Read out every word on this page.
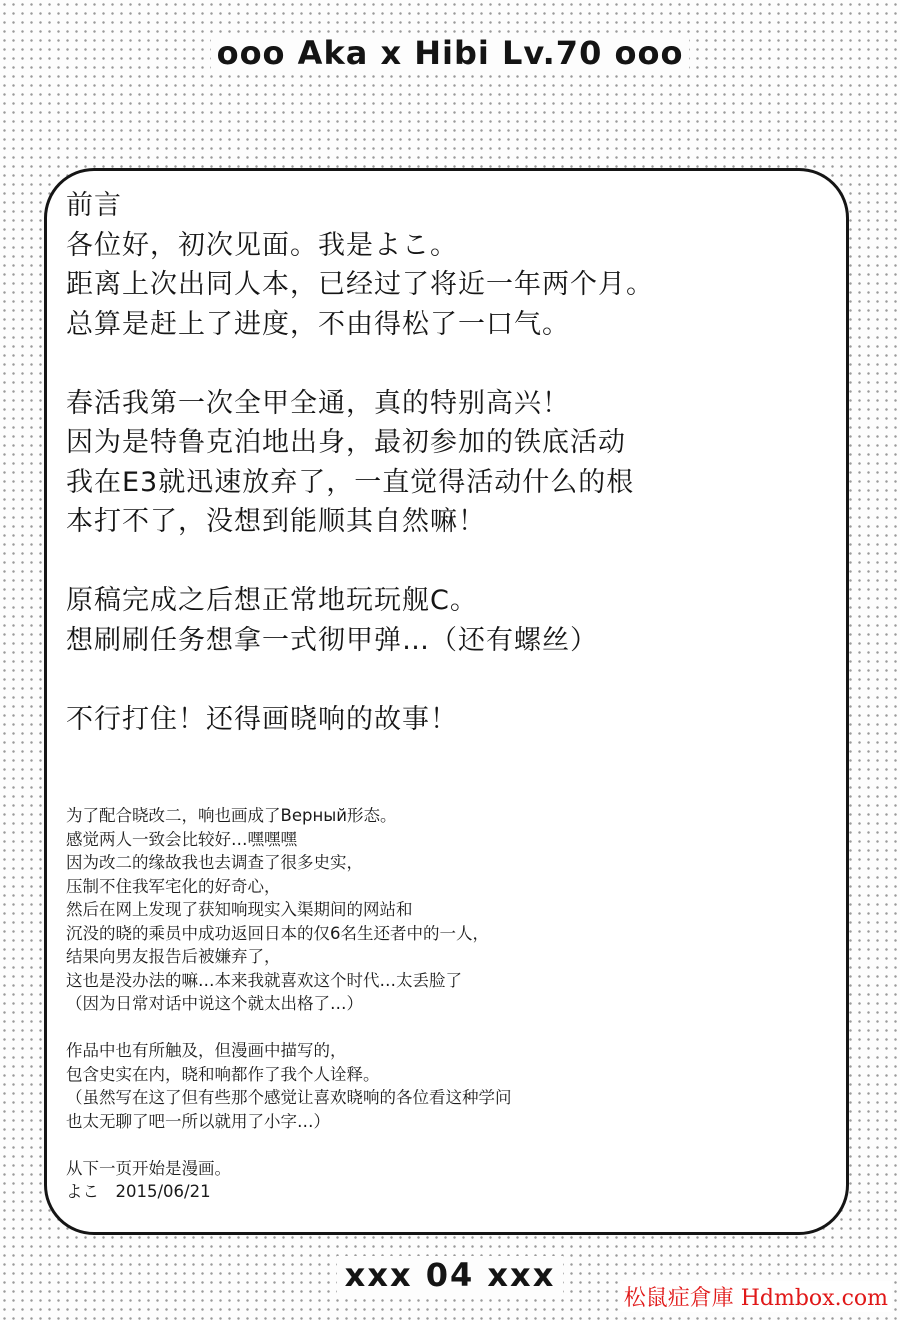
ooo Aka x Hibi Lv.70 ooo
前言
各位好，初次见面。我是よこ。
距离上次出同人本，已经过了将近一年两个月。
总算是赶上了进度，不由得松了一口气。
春活我第一次全甲全通，真的特别高兴！
因为是特鲁克泊地出身，最初参加的铁底活动
我在E3就迅速放弃了，一直觉得活动什么的根
本打不了，没想到能顺其自然嘛！
原稿完成之后想正常地玩玩舰C。
想刷刷任务想拿一式彻甲弹…（还有螺丝）
不行打住！还得画晓响的故事！
为了配合晓改二，响也画成了Верный形态。
感觉两人一致会比较好…嘿嘿嘿
因为改二的缘故我也去调查了很多史实，
压制不住我军宅化的好奇心，
然后在网上发现了获知响现实入渠期间的网站和
沉没的晓的乘员中成功返回日本的仅6名生还者中的一人，
结果向男友报告后被嫌弃了，
这也是没办法的嘛…本来我就喜欢这个时代…太丢脸了
（因为日常对话中说这个就太出格了…）
作品中也有所触及，但漫画中描写的，
包含史实在内，晓和响都作了我个人诠释。
（虽然写在这了但有些那个感觉让喜欢晓响的各位看这种学问
也太无聊了吧一所以就用了小字…）
从下一页开始是漫画。
よこ　2015/06/21
xxx 04 xxx
松鼠症倉庫 Hdmbox.com
